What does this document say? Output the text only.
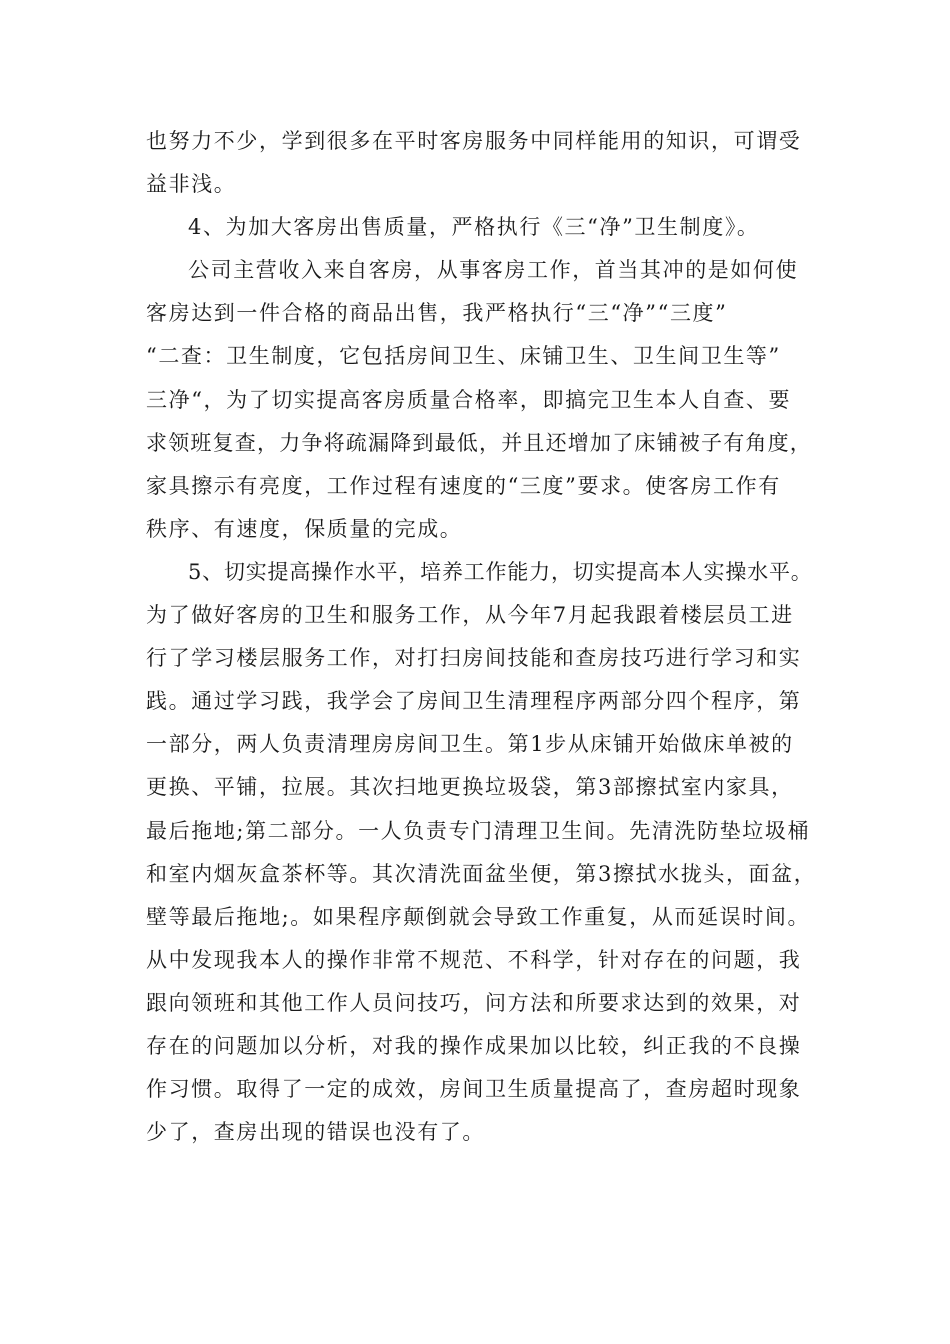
也努力不少，学到很多在平时客房服务中同样能用的知识，可谓受
益非浅。
4、为加大客房出售质量，严格执行《三“净”卫生制度》。
公司主营收入来自客房，从事客房工作，首当其冲的是如何使
客房达到一件合格的商品出售，我严格执行“三“净”“三度”
“二查：卫生制度，它包括房间卫生、床铺卫生、卫生间卫生等”
三净“，为了切实提高客房质量合格率，即搞完卫生本人自查、要
求领班复查，力争将疏漏降到最低，并且还增加了床铺被子有角度，
家具擦示有亮度，工作过程有速度的“三度”要求。使客房工作有
秩序、有速度，保质量的完成。
5、切实提高操作水平，培养工作能力，切实提高本人实操水平。
为了做好客房的卫生和服务工作，从今年7月起我跟着楼层员工进
行了学习楼层服务工作，对打扫房间技能和查房技巧进行学习和实
践。通过学习践，我学会了房间卫生清理程序两部分四个程序，第
一部分，两人负责清理房房间卫生。第1步从床铺开始做床单被的
更换、平铺，拉展。其次扫地更换垃圾袋，第3部擦拭室内家具，
最后拖地;第二部分。一人负责专门清理卫生间。先清洗防垫垃圾桶
和室内烟灰盒茶杯等。其次清洗面盆坐便，第3擦拭水拢头，面盆，
壁等最后拖地;。如果程序颠倒就会导致工作重复，从而延误时间。
从中发现我本人的操作非常不规范、不科学，针对存在的问题，我
跟向领班和其他工作人员问技巧，问方法和所要求达到的效果，对
存在的问题加以分析，对我的操作成果加以比较，纠正我的不良操
作习惯。取得了一定的成效，房间卫生质量提高了，查房超时现象
少了，查房出现的错误也没有了。
